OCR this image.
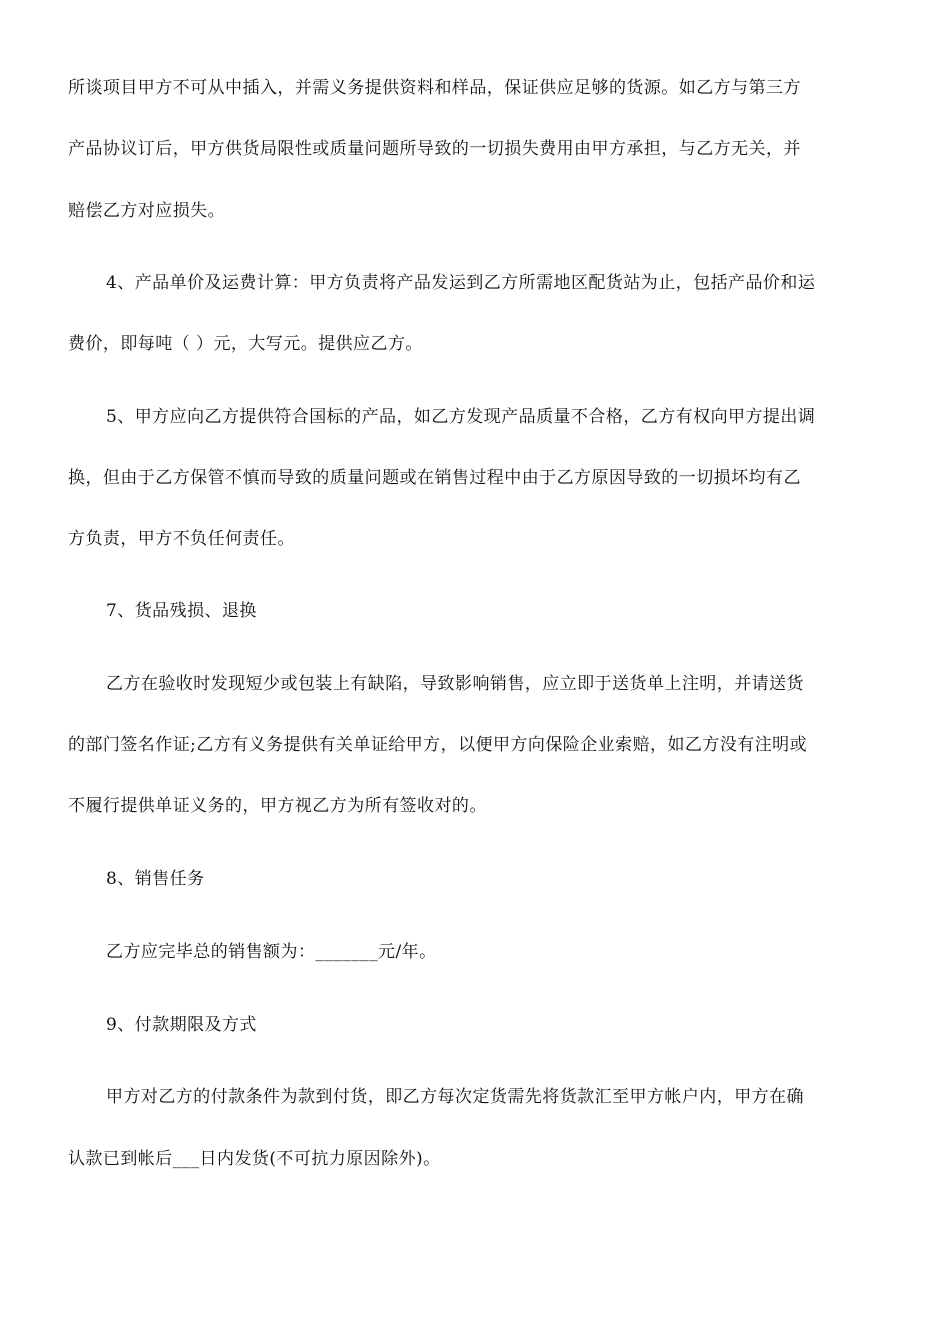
所谈项目甲方不可从中插入，并需义务提供资料和样品，保证供应足够的货源。如乙方与第三方
产品协议订后，甲方供货局限性或质量问题所导致的一切损失费用由甲方承担，与乙方无关，并
赔偿乙方对应损失。
4、产品单价及运费计算：甲方负责将产品发运到乙方所需地区配货站为止，包括产品价和运
费价，即每吨（ ）元，大写元。提供应乙方。
5、甲方应向乙方提供符合国标的产品，如乙方发现产品质量不合格，乙方有权向甲方提出调
换，但由于乙方保管不慎而导致的质量问题或在销售过程中由于乙方原因导致的一切损坏均有乙
方负责，甲方不负任何责任。
7、货品残损、退换
乙方在验收时发现短少或包装上有缺陷，导致影响销售，应立即于送货单上注明，并请送货
的部门签名作证;乙方有义务提供有关单证给甲方，以便甲方向保险企业索赔，如乙方没有注明或
不履行提供单证义务的，甲方视乙方为所有签收对的。
8、销售任务
乙方应完毕总的销售额为：_______元/年。
9、付款期限及方式
甲方对乙方的付款条件为款到付货，即乙方每次定货需先将货款汇至甲方帐户内，甲方在确
认款已到帐后___日内发货(不可抗力原因除外)。
